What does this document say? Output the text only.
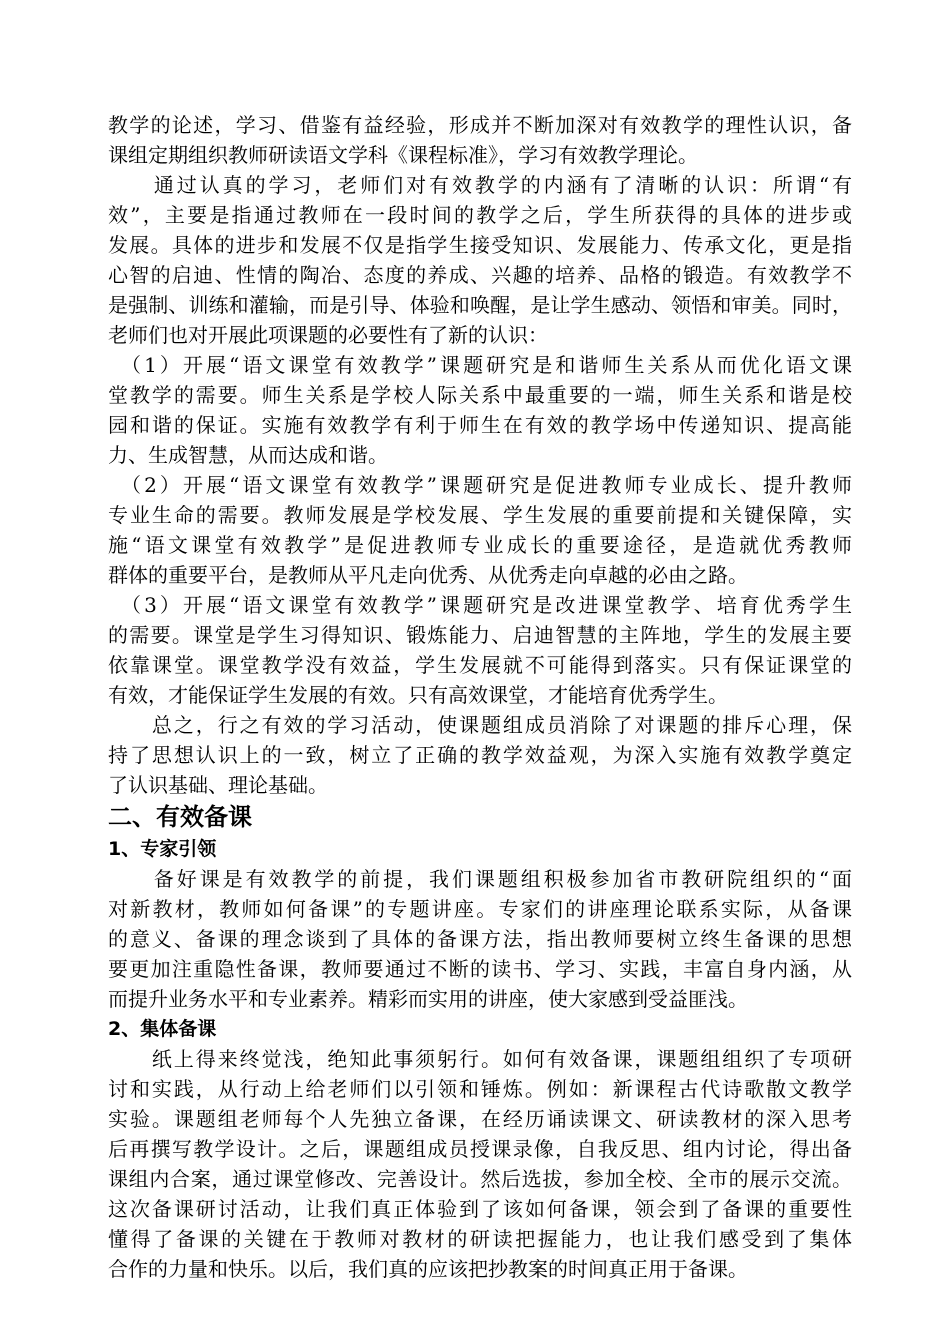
教学的论述，学习、借鉴有益经验，形成并不断加深对有效教学的理性认识，备
课组定期组织教师研读语文学科《课程标准》，学习有效教学理论。
　　通过认真的学习，老师们对有效教学的内涵有了清晰的认识：所谓“有
效”，主要是指通过教师在一段时间的教学之后，学生所获得的具体的进步或
发展。具体的进步和发展不仅是指学生接受知识、发展能力、传承文化，更是指
心智的启迪、性情的陶冶、态度的养成、兴趣的培养、品格的锻造。有效教学不
是强制、训练和灌输，而是引导、体验和唤醒，是让学生感动、领悟和审美。同时，
老师们也对开展此项课题的必要性有了新的认识：
　（1）开展“语文课堂有效教学”课题研究是和谐师生关系从而优化语文课
堂教学的需要。师生关系是学校人际关系中最重要的一端，师生关系和谐是校
园和谐的保证。实施有效教学有利于师生在有效的教学场中传递知识、提高能
力、生成智慧，从而达成和谐。
　（2）开展“语文课堂有效教学”课题研究是促进教师专业成长、提升教师
专业生命的需要。教师发展是学校发展、学生发展的重要前提和关键保障，实
施“语文课堂有效教学”是促进教师专业成长的重要途径，是造就优秀教师
群体的重要平台，是教师从平凡走向优秀、从优秀走向卓越的必由之路。
　（3）开展“语文课堂有效教学”课题研究是改进课堂教学、培育优秀学生
的需要。课堂是学生习得知识、锻炼能力、启迪智慧的主阵地，学生的发展主要
依靠课堂。课堂教学没有效益，学生发展就不可能得到落实。只有保证课堂的
有效，才能保证学生发展的有效。只有高效课堂，才能培育优秀学生。
　　总之，行之有效的学习活动，使课题组成员消除了对课题的排斥心理，保
持了思想认识上的一致，树立了正确的教学效益观，为深入实施有效教学奠定
了认识基础、理论基础。
二、有效备课
1、专家引领
　　备好课是有效教学的前提，我们课题组积极参加省市教研院组织的“面
对新教材，教师如何备课”的专题讲座。专家们的讲座理论联系实际，从备课
的意义、备课的理念谈到了具体的备课方法，指出教师要树立终生备课的思想
要更加注重隐性备课，教师要通过不断的读书、学习、实践，丰富自身内涵，从
而提升业务水平和专业素养。精彩而实用的讲座，使大家感到受益匪浅。
2、集体备课
　　纸上得来终觉浅，绝知此事须躬行。如何有效备课，课题组组织了专项研
讨和实践，从行动上给老师们以引领和锤炼。例如：新课程古代诗歌散文教学
实验。课题组老师每个人先独立备课，在经历诵读课文、研读教材的深入思考
后再撰写教学设计。之后，课题组成员授课录像，自我反思、组内讨论，得出备
课组内合案，通过课堂修改、完善设计。然后选拔，参加全校、全市的展示交流。
这次备课研讨活动，让我们真正体验到了该如何备课，领会到了备课的重要性
懂得了备课的关键在于教师对教材的研读把握能力，也让我们感受到了集体
合作的力量和快乐。以后，我们真的应该把抄教案的时间真正用于备课。
